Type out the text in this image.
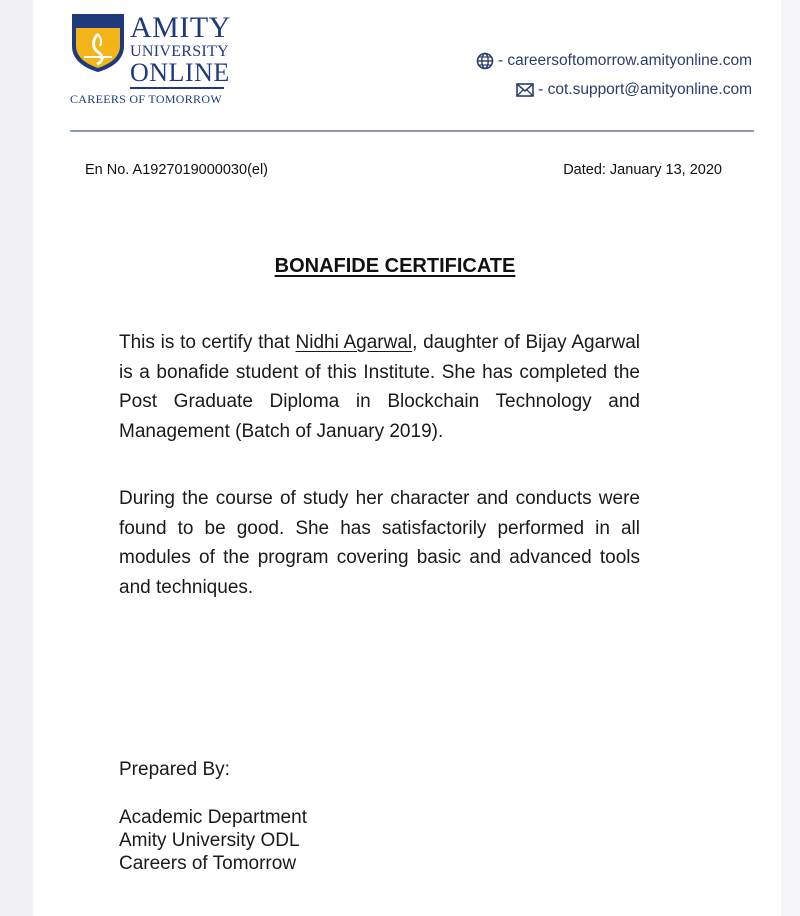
AMITY
UNIVERSITY
ONLINE
CAREERS OF TOMORROW
- careersoftomorrow.amityonline.com
- cot.support@amityonline.com
En No. A1927019000030(el)	Dated: January 13, 2020
BONAFIDE CERTIFICATE
This is to certify that Nidhi Agarwal, daughter of Bijay Agarwal is a bonafide student of this Institute. She has completed the Post Graduate Diploma in Blockchain Technology and Management (Batch of January 2019).
During the course of study her character and conducts were found to be good. She has satisfactorily performed in all modules of the program covering basic and advanced tools and techniques.
Prepared By:
Academic Department
Amity University ODL
Careers of Tomorrow
